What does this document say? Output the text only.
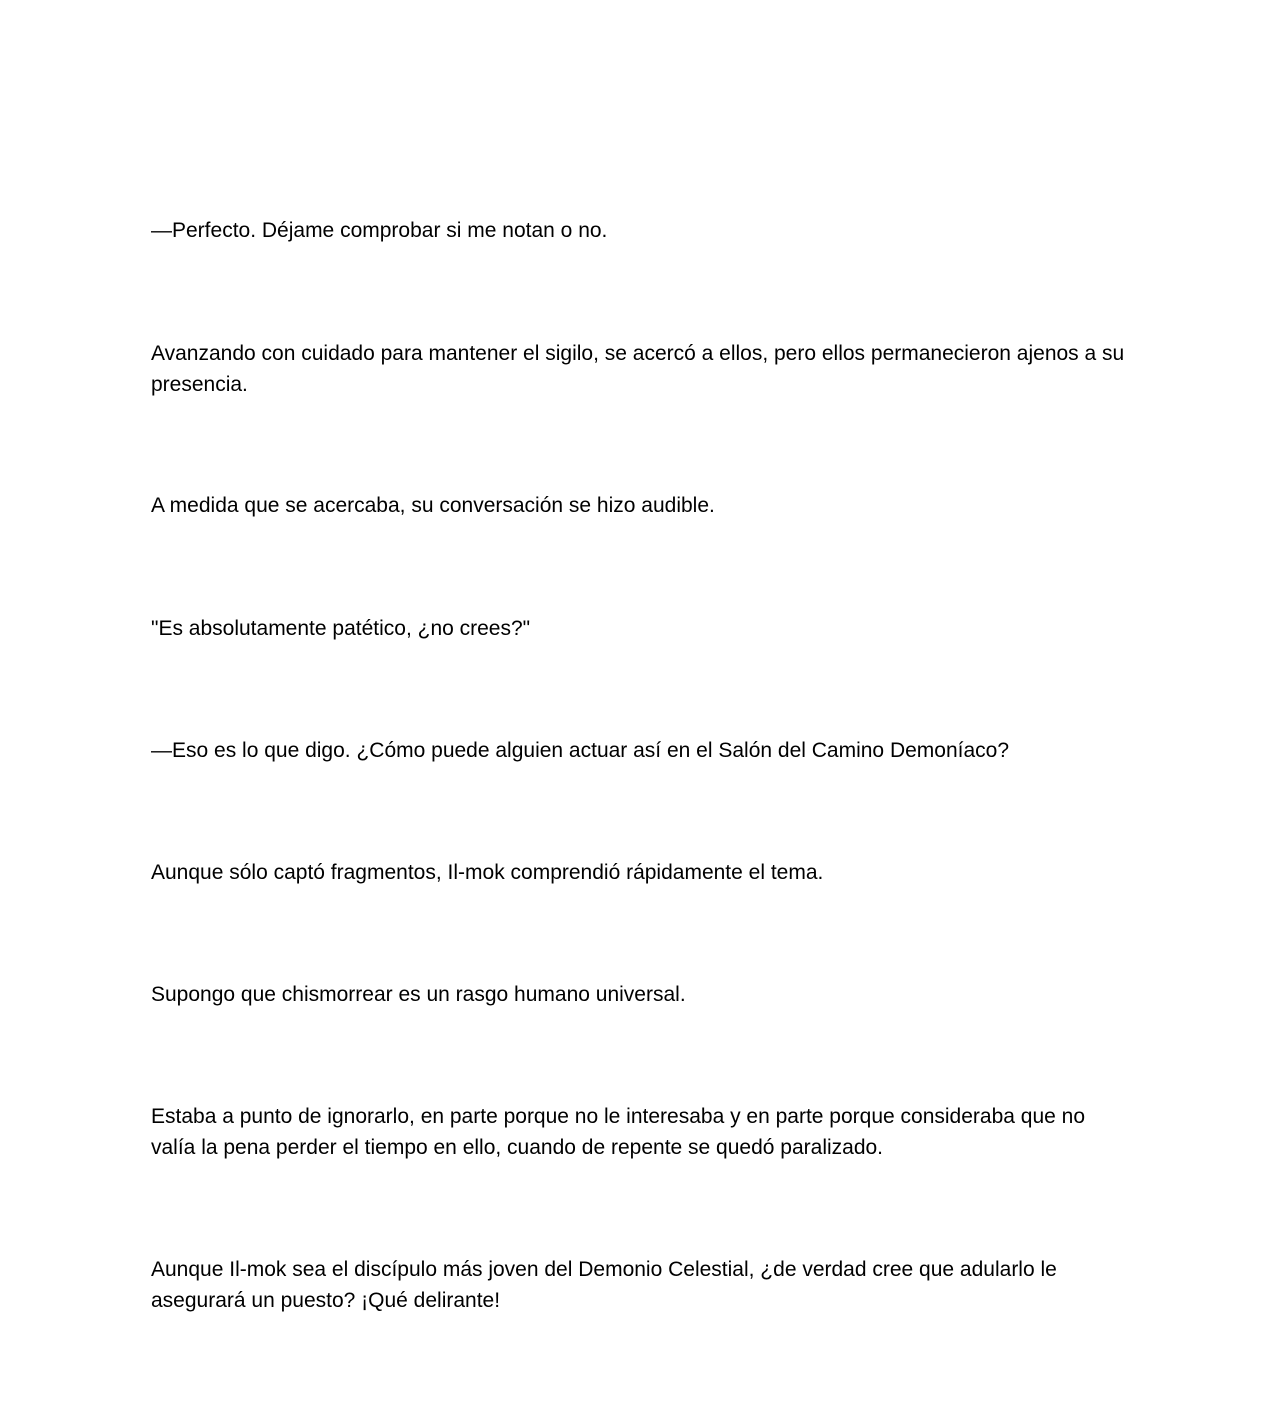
—Perfecto. Déjame comprobar si me notan o no.

Avanzando con cuidado para mantener el sigilo, se acercó a ellos, pero ellos permanecieron ajenos a su presencia.

A medida que se acercaba, su conversación se hizo audible.

"Es absolutamente patético, ¿no crees?"

—Eso es lo que digo. ¿Cómo puede alguien actuar así en el Salón del Camino Demoníaco?

Aunque sólo captó fragmentos, Il-mok comprendió rápidamente el tema.

Supongo que chismorrear es un rasgo humano universal.

Estaba a punto de ignorarlo, en parte porque no le interesaba y en parte porque consideraba que no valía la pena perder el tiempo en ello, cuando de repente se quedó paralizado.

Aunque Il-mok sea el discípulo más joven del Demonio Celestial, ¿de verdad cree que adularlo le asegurará un puesto? ¡Qué delirante!
